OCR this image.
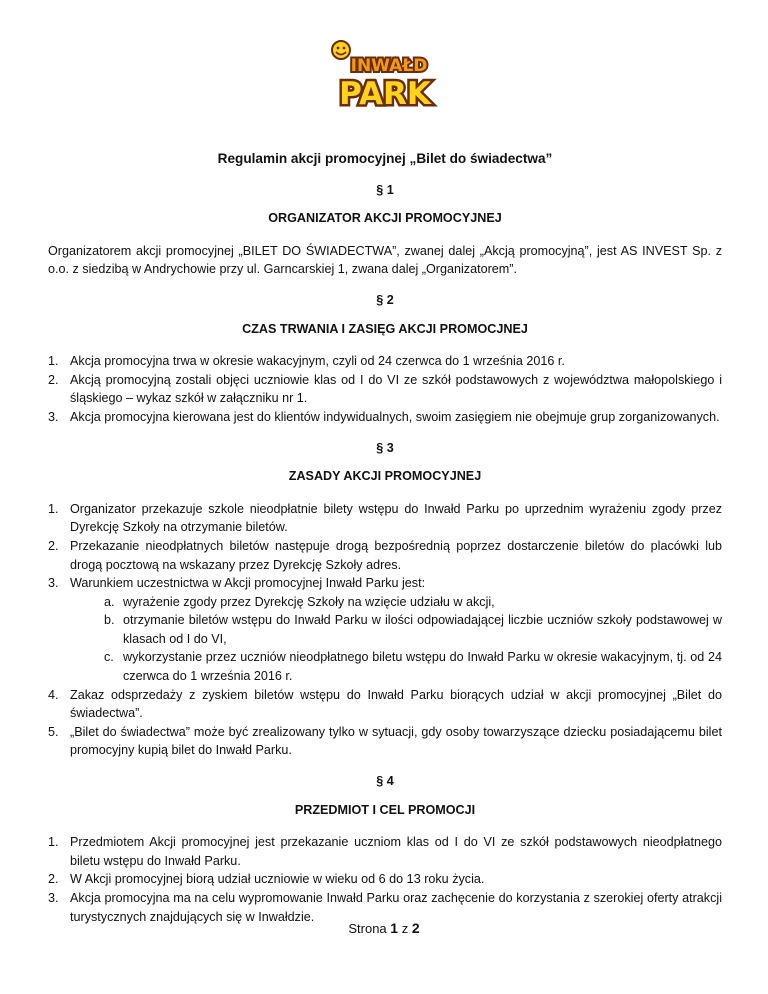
INWAŁD
PARK
Regulamin akcji promocyjnej „Bilet do świadectwa”
§ 1
ORGANIZATOR AKCJI PROMOCYJNEJ

Organizatorem akcji promocyjnej „BILET DO ŚWIADECTWA”, zwanej dalej „Akcją promocyjną”, jest AS INVEST Sp. z o.o. z siedzibą w Andrychowie przy ul. Garncarskiej 1, zwana dalej „Organizatorem”.

§ 2
CZAS TRWANIA I ZASIĘG AKCJI PROMOCJNEJ
1. Akcja promocyjna trwa w okresie wakacyjnym, czyli od 24 czerwca do 1 września 2016 r.
2. Akcją promocyjną zostali objęci uczniowie klas od I do VI ze szkół podstawowych z województwa małopolskiego i śląskiego – wykaz szkół w załączniku nr 1.
3. Akcja promocyjna kierowana jest do klientów indywidualnych, swoim zasięgiem nie obejmuje grup zorganizowanych.
§ 3
ZASADY AKCJI PROMOCYJNEJ
1. Organizator przekazuje szkole nieodpłatnie bilety wstępu do Inwałd Parku po uprzednim wyrażeniu zgody przez Dyrekcję Szkoły na otrzymanie biletów.
2. Przekazanie nieodpłatnych biletów następuje drogą bezpośrednią poprzez dostarczenie biletów do placówki lub drogą pocztową na wskazany przez Dyrekcję Szkoły adres.
3. Warunkiem uczestnictwa w Akcji promocyjnej Inwałd Parku jest:
a. wyrażenie zgody przez Dyrekcję Szkoły na wzięcie udziału w akcji,
b. otrzymanie biletów wstępu do Inwałd Parku w ilości odpowiadającej liczbie uczniów szkoły podstawowej w klasach od I do VI,
c. wykorzystanie przez uczniów nieodpłatnego biletu wstępu do Inwałd Parku w okresie wakacyjnym, tj. od 24 czerwca do 1 września 2016 r.
4. Zakaz odsprzedaży z zyskiem biletów wstępu do Inwałd Parku biorących udział w akcji promocyjnej „Bilet do świadectwa”.
5. „Bilet do świadectwa” może być zrealizowany tylko w sytuacji, gdy osoby towarzyszące dziecku posiadającemu bilet promocyjny kupią bilet do Inwałd Parku.
§ 4
PRZEDMIOT I CEL PROMOCJI
1. Przedmiotem Akcji promocyjnej jest przekazanie uczniom klas od I do VI ze szkół podstawowych nieodpłatnego biletu wstępu do Inwałd Parku.
2. W Akcji promocyjnej biorą udział uczniowie w wieku od 6 do 13 roku życia.
3. Akcja promocyjna ma na celu wypromowanie Inwałd Parku oraz zachęcenie do korzystania z szerokiej oferty atrakcji turystycznych znajdujących się w Inwałdzie.
Strona 1 z 2
